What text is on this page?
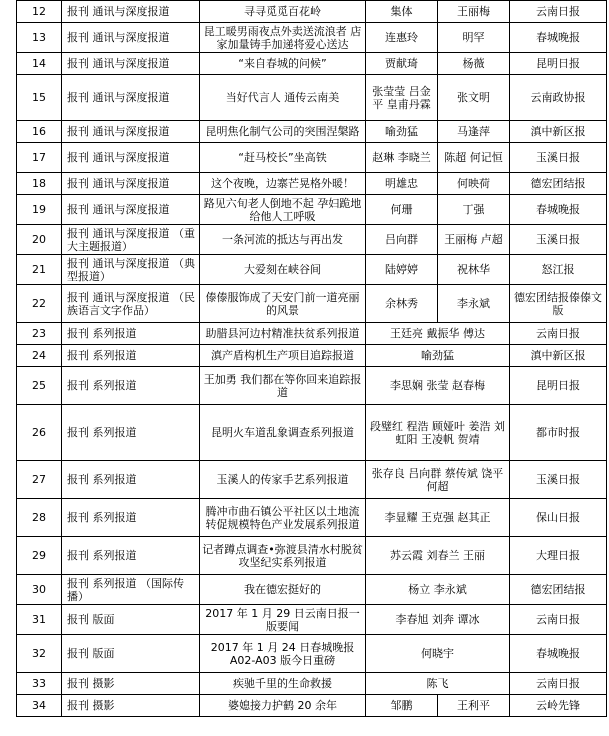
12	报刊 通讯与深度报道	寻寻觅觅百花岭	集体	王丽梅	云南日报
13	报刊 通讯与深度报道	昆工暖男雨夜点外卖送流浪者 店家加量铸手加递将爱心送达	连惠玲	明罕	春城晚报
14	报刊 通讯与深度报道	“来自春城的问候”	贾献琦	杨薇	昆明日报
15	报刊 通讯与深度报道	当好代言人 通传云南美	张莹莹 吕金平 皇甫丹霖	张文明	云南政协报
16	报刊 通讯与深度报道	昆明焦化制气公司的突围涅槃路	喻劲猛	马逢萍	滇中新区报
17	报刊 通讯与深度报道	“赶马校长”坐高铁	赵琳 李晓兰	陈超 何记恒	玉溪日报
18	报刊 通讯与深度报道	这个夜晚，边寨芒晃格外暖！	明雄忠	何映荷	德宏团结报
19	报刊 通讯与深度报道	路见六旬老人倒地不起 孕妇跪地给他人工呼吸	何珊	丁强	春城晚报
20	报刊 通讯与深度报道 （重大主题报道）	一条河流的抵达与再出发	吕向群	王丽梅 卢超	玉溪日报
21	报刊 通讯与深度报道 （典型报道）	大爱刻在峡谷间	陆婷婷	祝林华	怒江报
22	报刊 通讯与深度报道 （民族语言文字作品）	傣傣服饰成了天安门前一道亮丽的风景	余林秀	李永斌	德宏团结报傣傣文版
23	报刊 系列报道	助腊县河边村精准扶贫系列报道	王廷亮 戴振华 傅达		云南日报
24	报刊 系列报道	滇产盾构机生产项目追踪报道	喻劲猛		滇中新区报
25	报刊 系列报道	王加勇 我们都在等你回来追踪报道	李思娴 张莹 赵春梅		昆明日报
26	报刊 系列报道	昆明火车道乱象调查系列报道	段璧红 程浩 顾娅叶 姜浩 刘虹阳 王凌帆 贺靖		都市时报
27	报刊 系列报道	玉溪人的传家手艺系列报道	张存良 吕向群 蔡传斌 饶平 何超		玉溪日报
28	报刊 系列报道	腾冲市曲石镇公平社区以土地流转促规模特色产业发展系列报道	李显耀 王克强 赵其正		保山日报
29	报刊 系列报道	记者蹲点调查•弥渡县清水村脱贫攻坚纪实系列报道	苏云霞 刘春兰 王丽		大理日报
30	报刊 系列报道 （国际传播）	我在德宏挺好的	杨立 李永斌		德宏团结报
31	报刊 版面	2017 年 1 月 29 日云南日报一版要闻	李春旭 刘奔 谭冰		云南日报
32	报刊 版面	2017 年 1 月 24 日春城晚报 A02-A03 版今日重磅	何晓宇		春城晚报
33	报刊 摄影	疾驰千里的生命救援	陈飞		云南日报
34	报刊 摄影	婆媳接力护鹤 20 余年	邹鹏	王利平	云岭先锋
